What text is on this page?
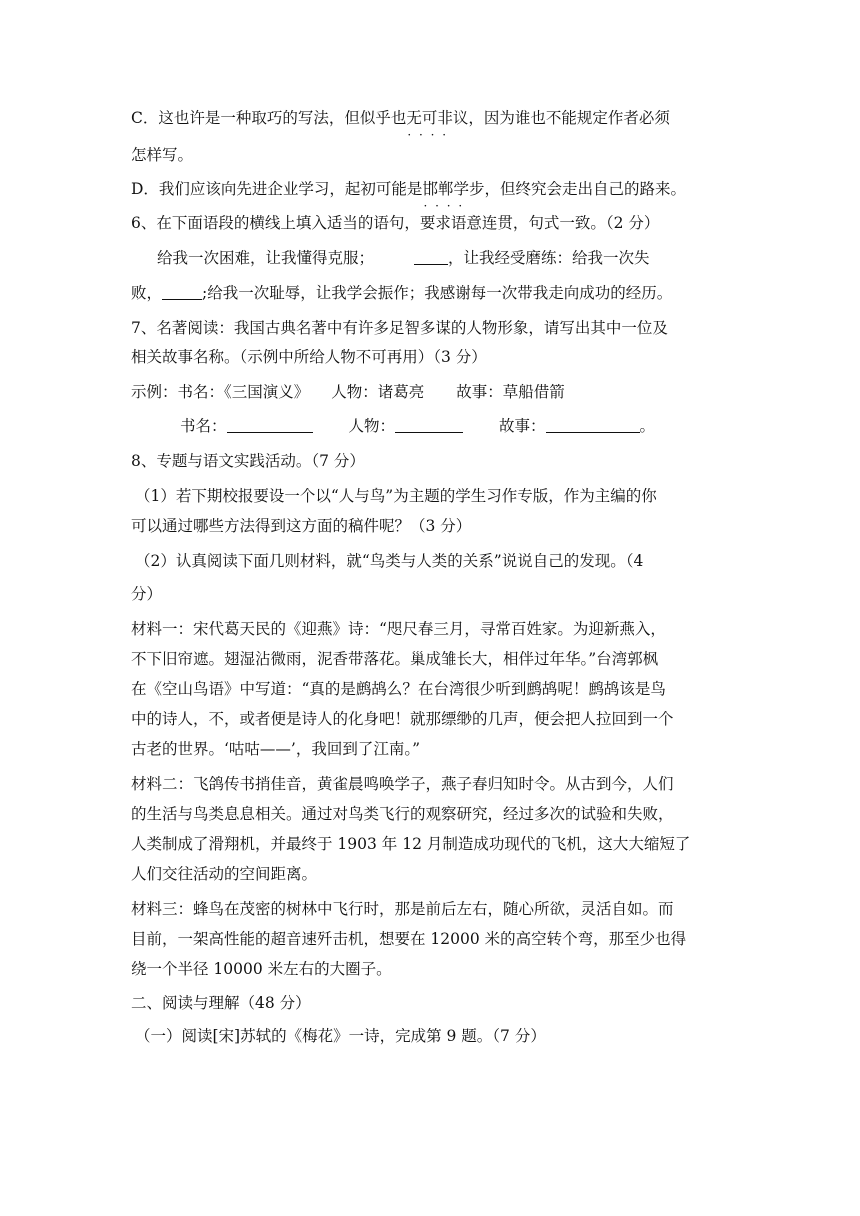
C．这也许是一种取巧的写法，但似乎也无可非议 · · · ·，因为谁也不能规定作者必须
怎样写。
D．我们应该向先进企业学习，起初可能是邯郸学步 · · · ·，但终究会走出自己的路来。
6、在下面语段的横线上填入适当的语句，要求语意连贯，句式一致。（2 分）
给我一次困难，让我懂得克服；	，让我经受磨练：给我一次失
败，	;给我一次耻辱，让我学会振作；我感谢每一次带我走向成功的经历。
7、名著阅读：我国古典名著中有许多足智多谋的人物形象，请写出其中一位及
相关故事名称。（示例中所给人物不可再用）（3 分）
示例：书名：《三国演义》 人物：诸葛亮 故事：草船借箭
书名：	人物：	故事：	。
8、专题与语文实践活动。（7 分）
（1）若下期校报要设一个以“人与鸟”为主题的学生习作专版，作为主编的你
可以通过哪些方法得到这方面的稿件呢？（3 分）
（2）认真阅读下面几则材料，就“鸟类与人类的关系”说说自己的发现。（4
分）
材料一：宋代葛天民的《迎燕》诗：“咫尺春三月，寻常百姓家。为迎新燕入，
不下旧帘遮。翅湿沾微雨，泥香带落花。巢成雏长大，相伴过年华。”台湾郭枫
在《空山鸟语》中写道：“真的是鹧鸪么？在台湾很少听到鹧鸪呢！鹧鸪该是鸟
中的诗人，不，或者便是诗人的化身吧！就那缥缈的几声，便会把人拉回到一个
古老的世界。‘咕咕——’，我回到了江南。”
材料二：飞鸽传书捎佳音，黄雀晨鸣唤学子，燕子春归知时令。从古到今，人们
的生活与鸟类息息相关。通过对鸟类飞行的观察研究，经过多次的试验和失败，
人类制成了滑翔机，并最终于 1903 年 12 月制造成功现代的飞机，这大大缩短了
人们交往活动的空间距离。
材料三：蜂鸟在茂密的树林中飞行时，那是前后左右，随心所欲，灵活自如。而
目前，一架高性能的超音速歼击机，想要在 12000 米的高空转个弯，那至少也得
绕一个半径 10000 米左右的大圈子。
二、阅读与理解（48 分）
（一）阅读[宋]苏轼的《梅花》一诗，完成第 9 题。（7 分）
